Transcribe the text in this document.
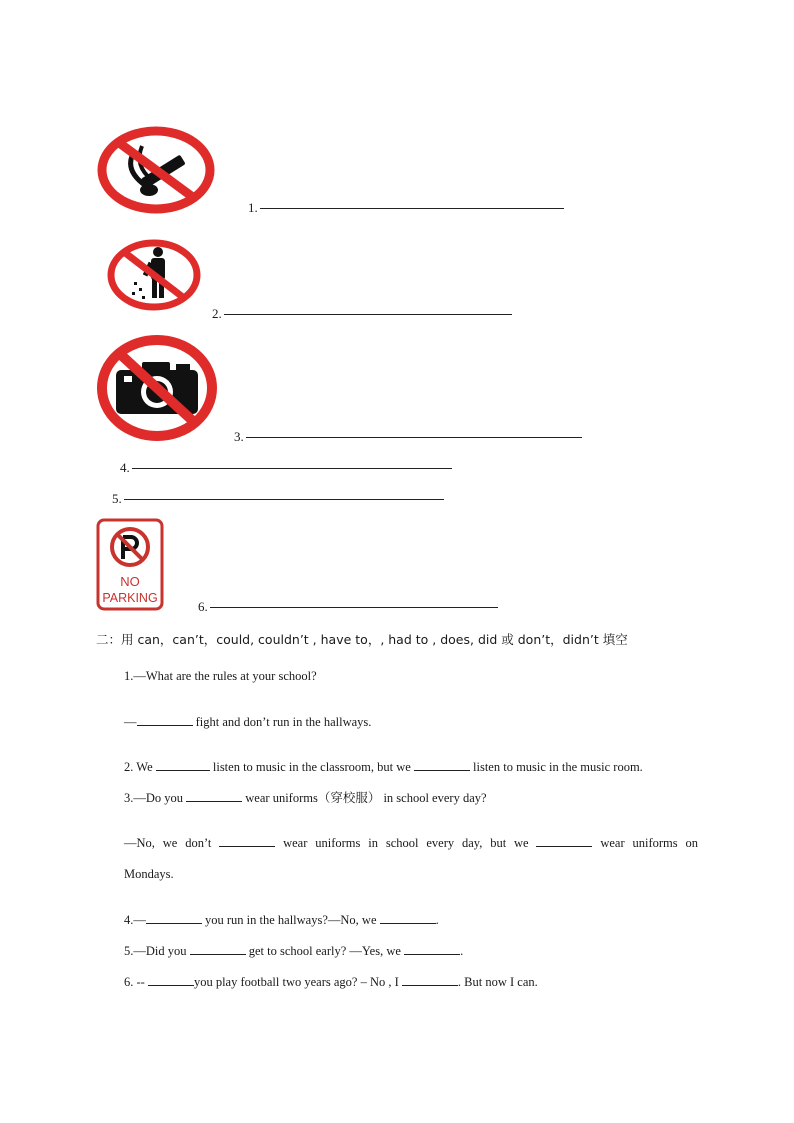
1.
2.
3.
4.
5.
NO
PARKING
6.
二：用 can，can’t，could, couldn’t , have to，, had to , does, did 或 don’t，didn’t 填空
1.—What are the rules at your school?
—	fight and don’t run in the hallways.
2. We	listen to music in the classroom, but we	listen to music in the music room.
3.—Do you	wear uniforms（穿校服） in school every day?
—No, we don’t	wear uniforms in school every day, but we	wear uniforms on
Mondays.
4.—	you run in the hallways?—No, we	.
5.—Did you	get to school early? —Yes, we	.
6. --	you play football two years ago? – No , I	. But now I can.
